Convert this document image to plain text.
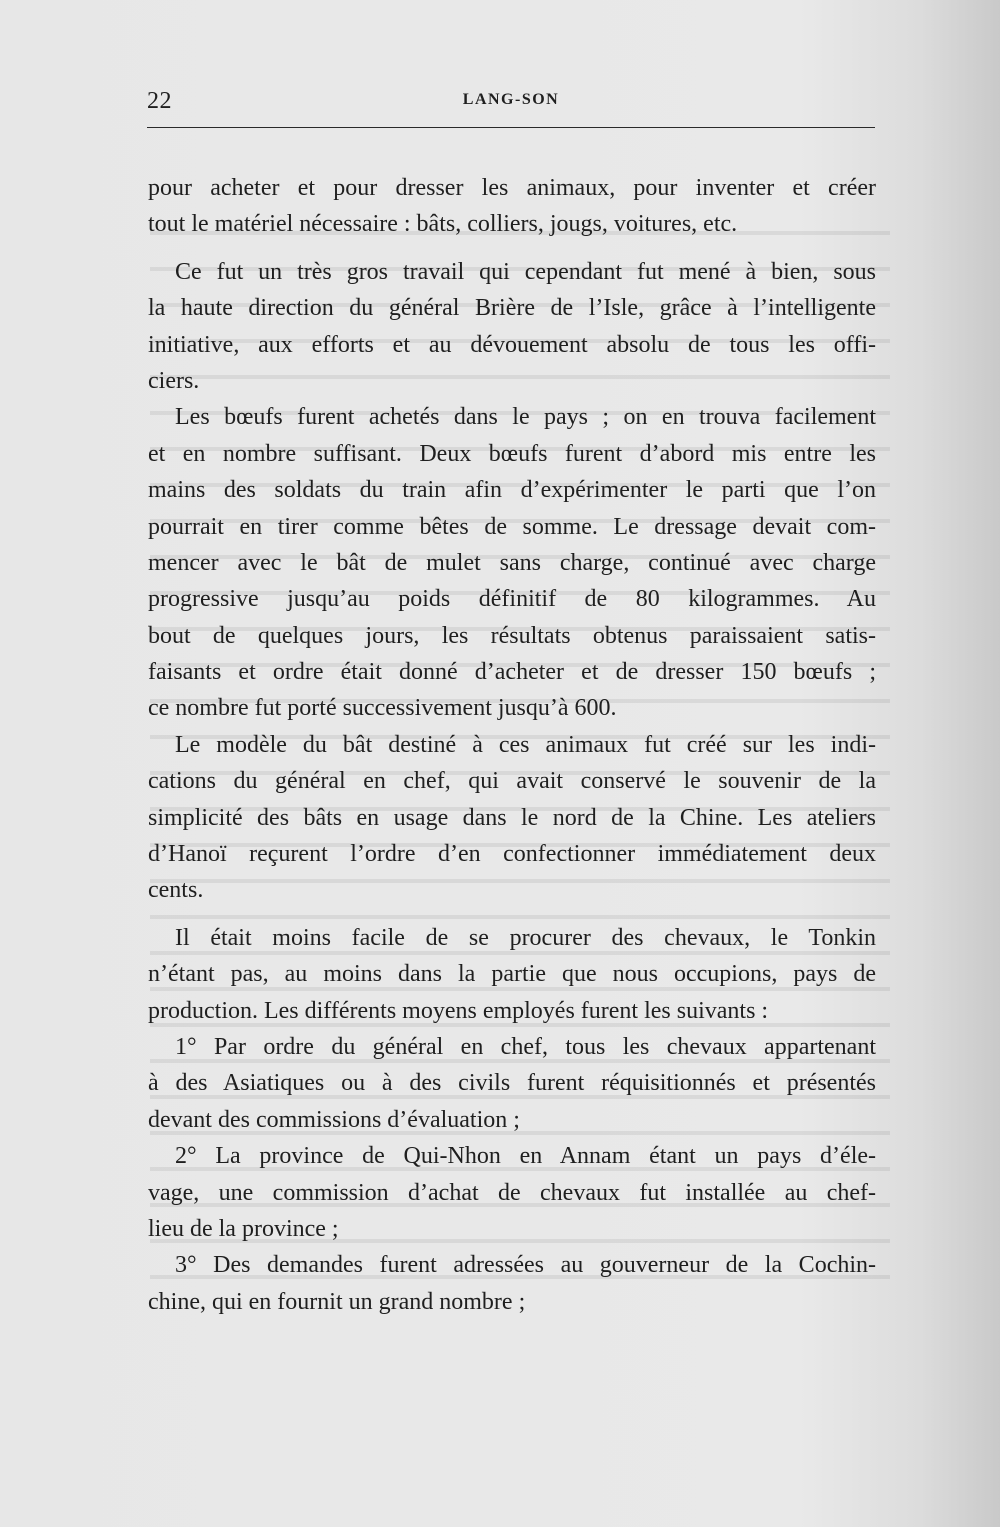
22	LANG-SON
pour acheter et pour dresser les animaux, pour inventer et créer
tout le matériel nécessaire : bâts, colliers, jougs, voitures, etc.
Ce fut un très gros travail qui cependant fut mené à bien, sous
la haute direction du général Brière de l’Isle, grâce à l’intelligente
initiative, aux efforts et au dévouement absolu de tous les offi-
ciers.
Les bœufs furent achetés dans le pays ; on en trouva facilement
et en nombre suffisant. Deux bœufs furent d’abord mis entre les
mains des soldats du train afin d’expérimenter le parti que l’on
pourrait en tirer comme bêtes de somme. Le dressage devait com-
mencer avec le bât de mulet sans charge, continué avec charge
progressive jusqu’au poids définitif de 80 kilogrammes. Au
bout de quelques jours, les résultats obtenus paraissaient satis-
faisants et ordre était donné d’acheter et de dresser 150 bœufs ;
ce nombre fut porté successivement jusqu’à 600.
Le modèle du bât destiné à ces animaux fut créé sur les indi-
cations du général en chef, qui avait conservé le souvenir de la
simplicité des bâts en usage dans le nord de la Chine. Les ateliers
d’Hanoï reçurent l’ordre d’en confectionner immédiatement deux
cents.
Il était moins facile de se procurer des chevaux, le Tonkin
n’étant pas, au moins dans la partie que nous occupions, pays de
production. Les différents moyens employés furent les suivants :
1° Par ordre du général en chef, tous les chevaux appartenant
à des Asiatiques ou à des civils furent réquisitionnés et présentés
devant des commissions d’évaluation ;
2° La province de Qui-Nhon en Annam étant un pays d’éle-
vage, une commission d’achat de chevaux fut installée au chef-
lieu de la province ;
3° Des demandes furent adressées au gouverneur de la Cochin-
chine, qui en fournit un grand nombre ;
